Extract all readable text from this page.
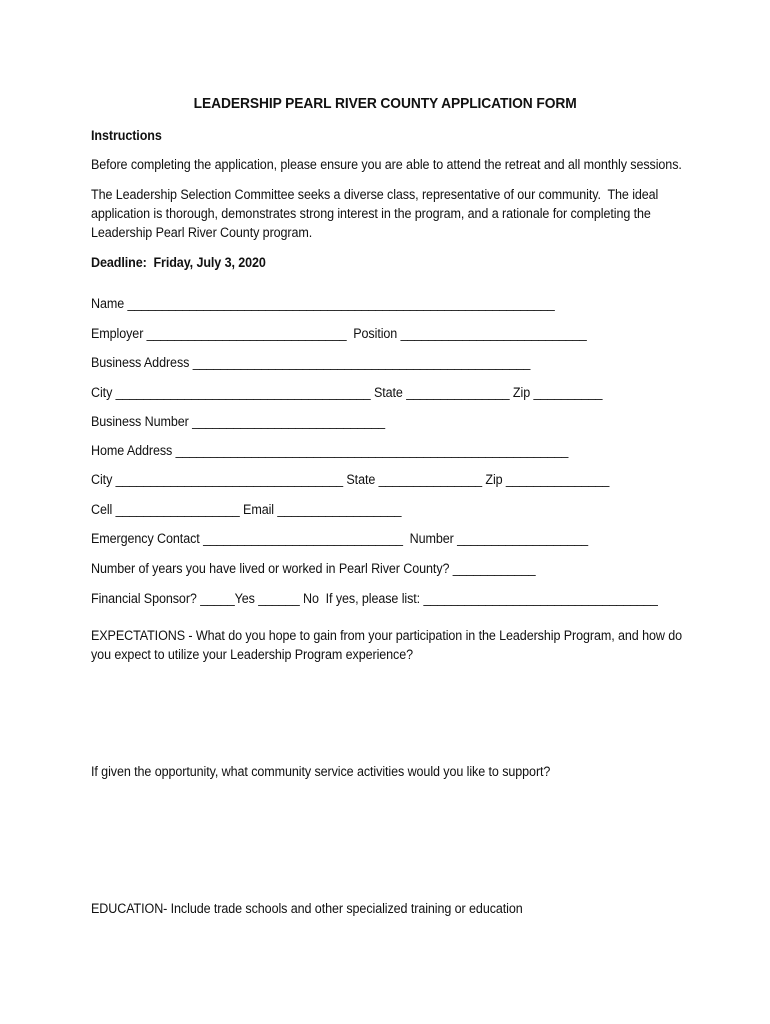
LEADERSHIP PEARL RIVER COUNTY APPLICATION FORM
Instructions
Before completing the application, please ensure you are able to attend the retreat and all monthly sessions.
The Leadership Selection Committee seeks a diverse class, representative of our community.  The ideal
application is thorough, demonstrates strong interest in the program, and a rationale for completing the
Leadership Pearl River County program.
Deadline:  Friday, July 3, 2020
Name ______________________________________________________________
Employer _____________________________  Position ___________________________
Business Address _________________________________________________
City _____________________________________ State _______________ Zip __________
Business Number ____________________________
Home Address _________________________________________________________
City _________________________________ State _______________ Zip _______________
Cell __________________ Email __________________
Emergency Contact _____________________________  Number ___________________
Number of years you have lived or worked in Pearl River County? ____________
Financial Sponsor? _____Yes ______ No  If yes, please list: __________________________________
EXPECTATIONS - What do you hope to gain from your participation in the Leadership Program, and how do
you expect to utilize your Leadership Program experience?
If given the opportunity, what community service activities would you like to support?
EDUCATION- Include trade schools and other specialized training or education
